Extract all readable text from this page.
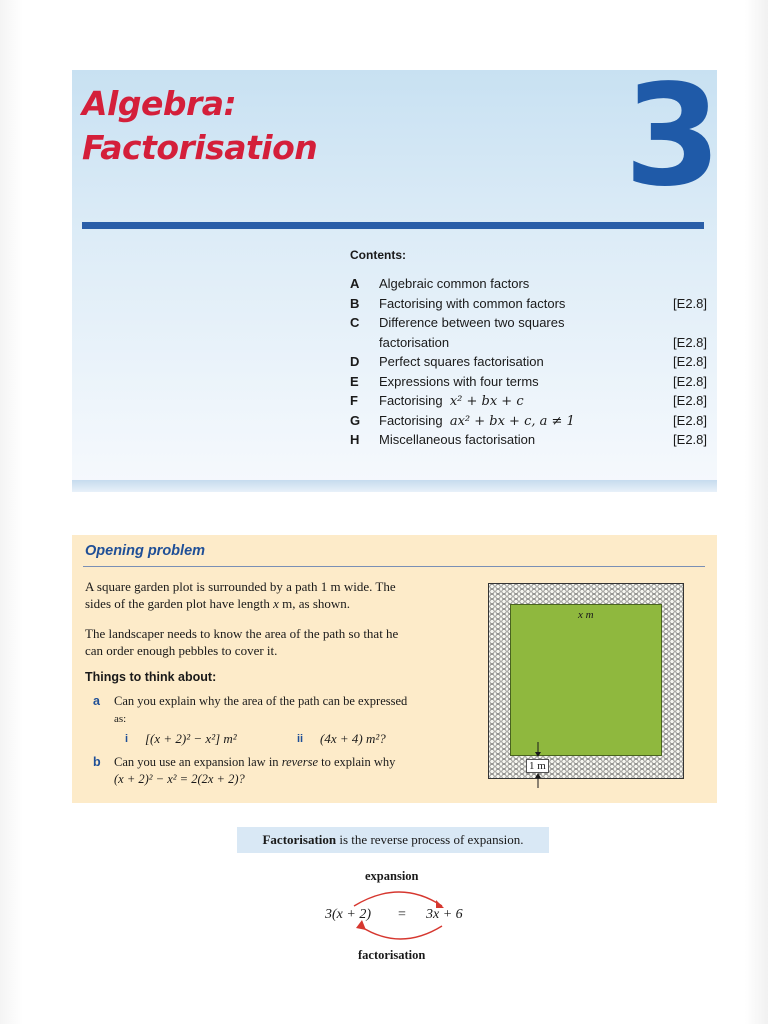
Algebra:
Factorisation 3
Contents:
A	Algebraic common factors
B	Factorising with common factors	[E2.8]
C	Difference between two squares
factorisation	[E2.8]
D	Perfect squares factorisation	[E2.8]
E	Expressions with four terms	[E2.8]
F	Factorising x² + bx + c	[E2.8]
G	Factorising ax² + bx + c, a ≠ 1	[E2.8]
H	Miscellaneous factorisation	[E2.8]
Opening problem

A square garden plot is surrounded by a path 1 m wide. The
sides of the garden plot have length x m, as shown.

The landscaper needs to know the area of the path so that he
can order enough pebbles to cover it.

Things to think about:
a Can you explain why the area of the path can be expressed
as:

i [(x + 2)² − x²] m²	ii (4x + 4) m²?
b Can you use an expansion law in reverse to explain why
(x + 2)² − x² = 2(2x + 2)?

x m
1 m
Factorisation is the reverse process of expansion.
expansion
3(x + 2) = 3x + 6
factorisation
